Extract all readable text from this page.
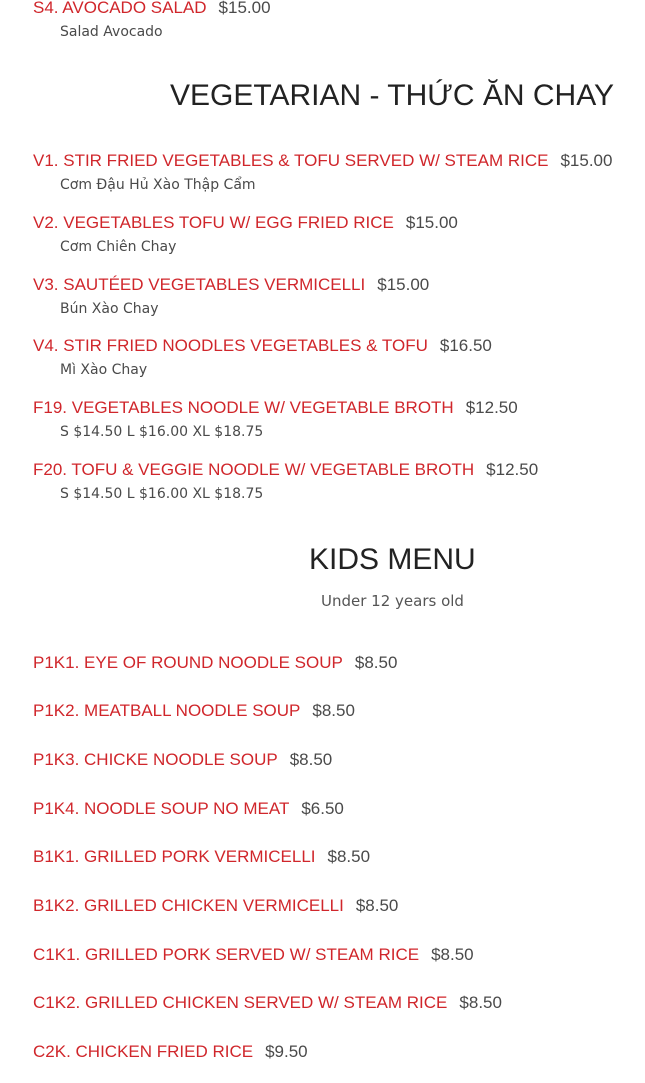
S4. AVOCADO SALAD $15.00
Salad Avocado
VEGETARIAN - THỨC ĂN CHAY
V1. STIR FRIED VEGETABLES & TOFU SERVED W/ STEAM RICE $15.00
Cơm Đậu Hủ Xào Thập Cẩm
V2. VEGETABLES TOFU W/ EGG FRIED RICE $15.00
Cơm Chiên Chay
V3. SAUTÉED VEGETABLES VERMICELLI $15.00
Bún Xào Chay
V4. STIR FRIED NOODLES VEGETABLES & TOFU $16.50
Mì Xào Chay
F19. VEGETABLES NOODLE W/ VEGETABLE BROTH $12.50
S $14.50 L $16.00 XL $18.75
F20. TOFU & VEGGIE NOODLE W/ VEGETABLE BROTH $12.50
S $14.50 L $16.00 XL $18.75
KIDS MENU
Under 12 years old
P1K1. EYE OF ROUND NOODLE SOUP $8.50
P1K2. MEATBALL NOODLE SOUP $8.50
P1K3. CHICKE NOODLE SOUP $8.50
P1K4. NOODLE SOUP NO MEAT $6.50
B1K1. GRILLED PORK VERMICELLI $8.50
B1K2. GRILLED CHICKEN VERMICELLI $8.50
C1K1. GRILLED PORK SERVED W/ STEAM RICE $8.50
C1K2. GRILLED CHICKEN SERVED W/ STEAM RICE $8.50
C2K. CHICKEN FRIED RICE $9.50
